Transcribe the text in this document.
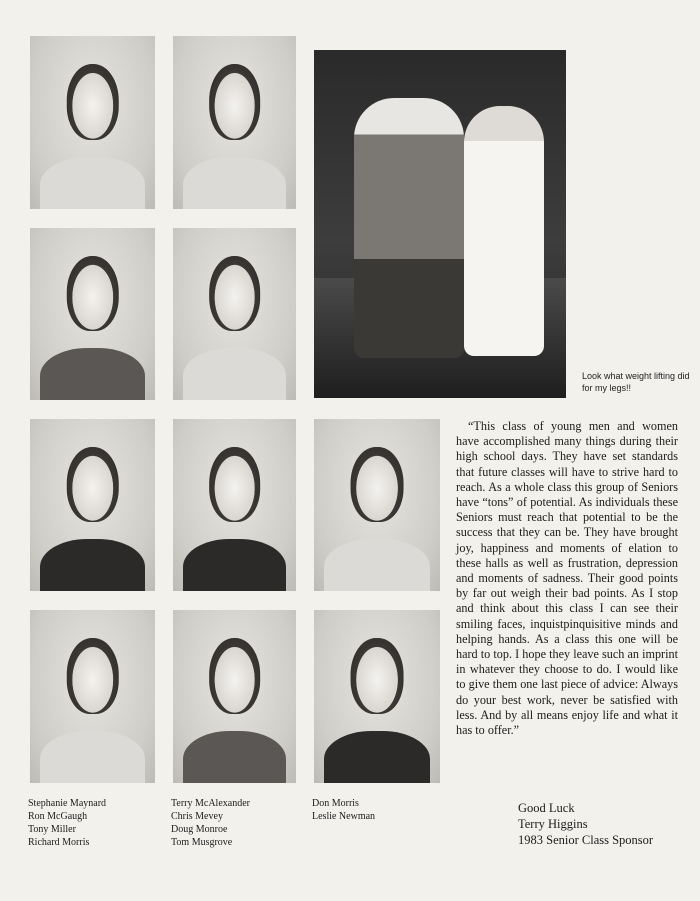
Look what weight lifting did for my legs!!

“This class of young men and women have accomplished many things during their high school days. They have set standards that future classes will have to strive hard to reach. As a whole class this group of Seniors have “tons” of potential. As individuals these Seniors must reach that potential to be the success that they can be. They have brought joy, happiness and moments of elation to these halls as well as frustration, depression and moments of sadness. Their good points by far out weigh their bad points. As I stop and think about this class I can see their smiling faces, inquistpinquisitive minds and helping hands. As a class this one will be hard to top. I hope they leave such an imprint in whatever they choose to do. I would like to give them one last piece of advice: Always do your best work, never be satisfied with less. And by all means enjoy life and what it has to offer.”

Stephanie Maynard
Ron McGaugh
Tony Miller
Richard Morris
Terry McAlexander
Chris Mevey
Doug Monroe
Tom Musgrove
Don Morris
Leslie Newman
Good Luck
Terry Higgins
1983 Senior Class Sponsor
